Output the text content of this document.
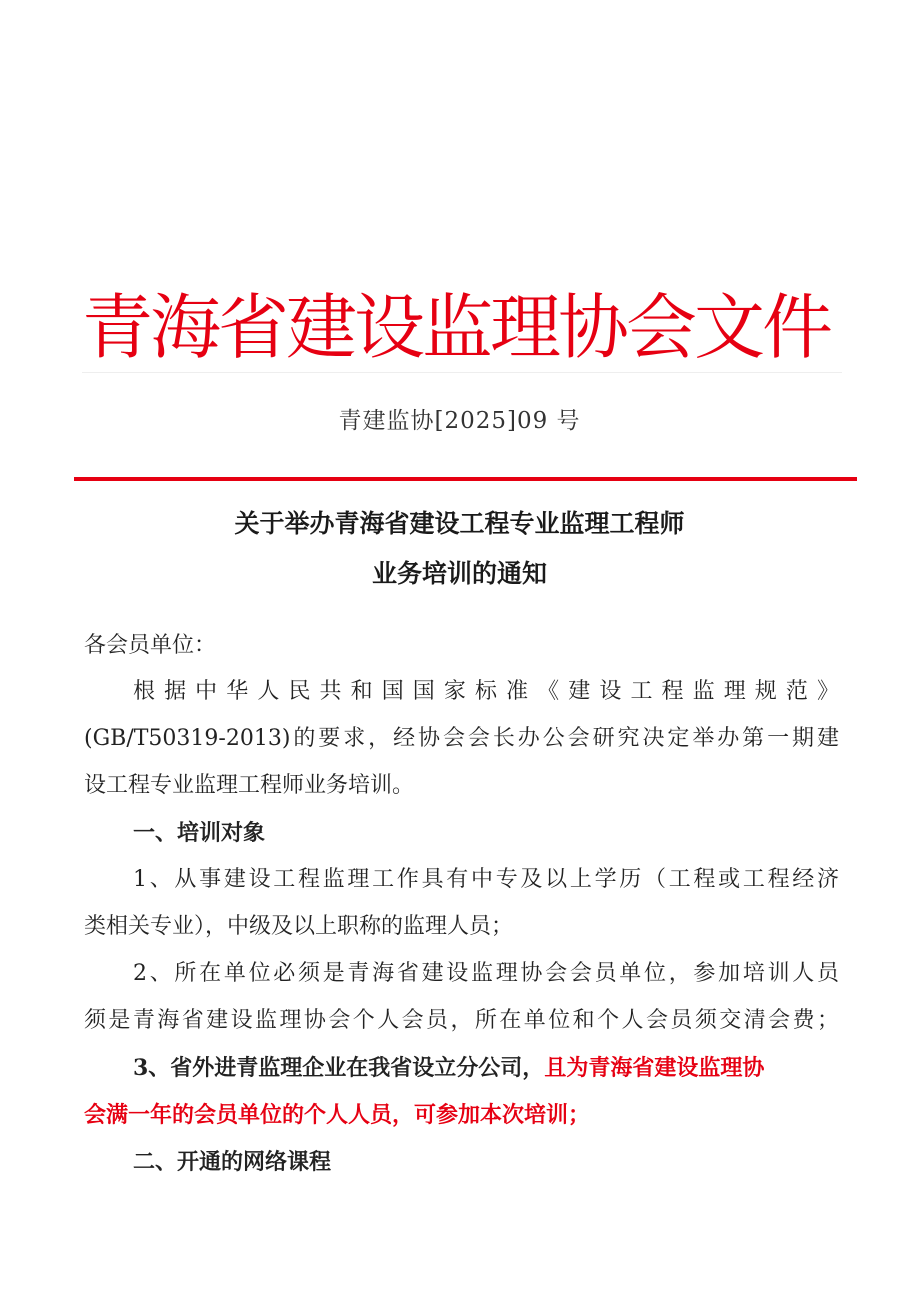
青海省建设监理协会文件
青建监协[2025]09 号
关于举办青海省建设工程专业监理工程师
业务培训的通知
各会员单位：
根据中华人民共和国国家标准《建设工程监理规范》
(GB/T50319-2013)的要求，经协会会长办公会研究决定举办第一期建
设工程专业监理工程师业务培训。
一、培训对象
1、从事建设工程监理工作具有中专及以上学历（工程或工程经济
类相关专业），中级及以上职称的监理人员；
2、所在单位必须是青海省建设监理协会会员单位，参加培训人员
须是青海省建设监理协会个人会员，所在单位和个人会员须交清会费；
3、省外进青监理企业在我省设立分公司，且为青海省建设监理协
会满一年的会员单位的个人人员，可参加本次培训；
二、开通的网络课程
